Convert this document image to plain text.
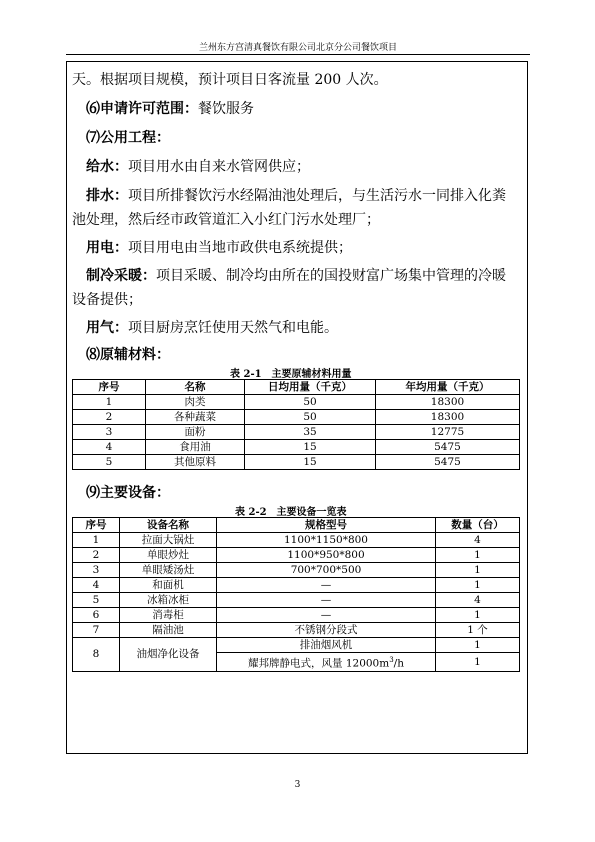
兰州东方宫清真餐饮有限公司北京分公司餐饮项目
天。根据项目规模，预计项目日客流量 200 人次。
⑹申请许可范围：餐饮服务
⑺公用工程：
给水：项目用水由自来水管网供应；
排水：项目所排餐饮污水经隔油池处理后，与生活污水一同排入化粪
池处理，然后经市政管道汇入小红门污水处理厂；
用电：项目用电由当地市政供电系统提供；
制冷采暖：项目采暖、制冷均由所在的国投财富广场集中管理的冷暖
设备提供；
用气：项目厨房烹饪使用天然气和电能。
⑻原辅材料：
表 2-1　主要原辅材料用量
序号	名称	日均用量（千克）	年均用量（千克）
1	肉类	50	18300
2	各种蔬菜	50	18300
3	面粉	35	12775
4	食用油	15	5475
5	其他原料	15	5475
⑼主要设备：
表 2-2　主要设备一览表
序号	设备名称	规格型号	数量（台）
1	拉面大锅灶	1100*1150*800	4
2	单眼炒灶	1100*950*800	1
3	单眼矮汤灶	700*700*500	1
4	和面机	—	1
5	冰箱冰柜	—	4
6	消毒柜	—	1
7	隔油池	不锈钢分段式	1 个
8	油烟净化设备	排油烟风机	1
		耀邦牌静电式，风量 $12000m^3/h$	1
3
